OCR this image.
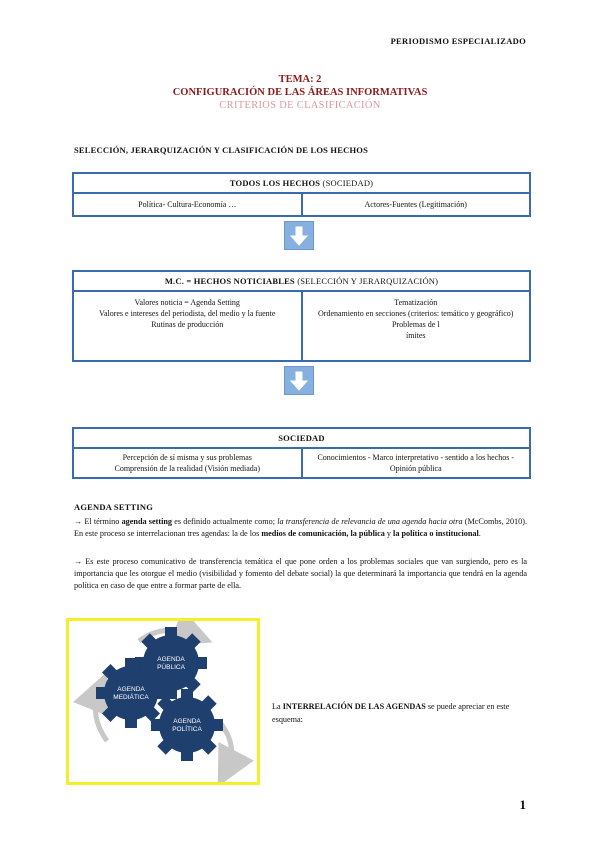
PERIODISMO ESPECIALIZADO
TEMA: 2
CONFIGURACIÓN DE LAS ÁREAS INFORMATIVAS
CRITERIOS DE CLASIFICACIÓN
SELECCIÓN, JERARQUIZACIÓN Y CLASIFICACIÓN DE LOS HECHOS
TODOS LOS HECHOS (SOCIEDAD)
Política- Cultura-Economía …	Actores-Fuentes (Legitimación)
M.C. = HECHOS NOTICIABLES (SELECCIÓN Y JERARQUIZACIÓN)
Valores noticia = Agenda Setting
Valores e intereses del periodista, del medio y la fuente
Rutinas de producción
Tematización
Ordenamiento en secciones (criterios: temático y geográfico)
Problemas de l
ímites
SOCIEDAD
Percepción de sí misma y sus problemas
Comprensión de la realidad (Visión mediada)
Conocimientos - Marco interpretativo - sentido a los hechos - Opinión pública
AGENDA SETTING
→ El término agenda setting es definido actualmente como; la transferencia de relevancia de una agenda hacia otra (McCombs, 2010). En este proceso se interrelacionan tres agendas: la de los medios de comunicación, la pública y la política o institucional.
→ Es este proceso comunicativo de transferencia temática el que pone orden a los problemas sociales que van surgiendo, pero es la importancia que les otorgue el medio (visibilidad y fomento del debate social) la que determinará la importancia que tendrá en la agenda política en caso de que entre a formar parte de ella.
AGENDA
PÚBLICA
AGENDA
MEDIÁTICA
AGENDA
POLÍTICA
La INTERRELACIÓN DE LAS AGENDAS se puede apreciar en este esquema:
1
